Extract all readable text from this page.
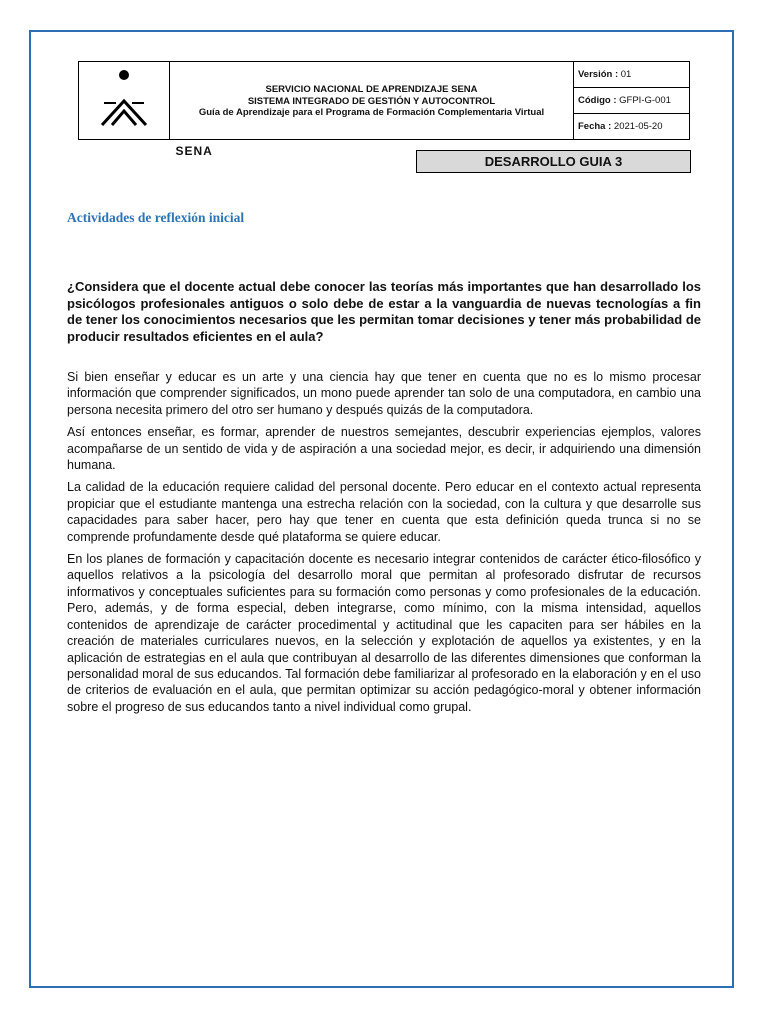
SENA

SERVICIO NACIONAL DE APRENDIZAJE SENA
SISTEMA INTEGRADO DE GESTIÓN Y AUTOCONTROL
Guía de Aprendizaje para el Programa de Formación Complementaria Virtual
	Versión : 01
Código : GFPI-G-001
Fecha : 2021-05-20
DESARROLLO GUIA 3
Actividades de reflexión inicial
¿Considera que el docente actual debe conocer las teorías más importantes que han desarrollado los psicólogos profesionales antiguos o solo debe de estar a la vanguardia de nuevas tecnologías a fin de tener los conocimientos necesarios que les permitan tomar decisiones y tener más probabilidad de producir resultados eficientes en el aula?

Si bien enseñar y educar es un arte y una ciencia hay que tener en cuenta que no es lo mismo procesar información que comprender significados, un mono puede aprender tan solo de una computadora, en cambio una persona necesita primero del otro ser humano y después quizás de la computadora.

Así entonces enseñar, es formar, aprender de nuestros semejantes, descubrir experiencias ejemplos, valores acompañarse de un sentido de vida y de aspiración a una sociedad mejor, es decir, ir adquiriendo una dimensión humana.

La calidad de la educación requiere calidad del personal docente. Pero educar en el contexto actual representa propiciar que el estudiante mantenga una estrecha relación con la sociedad, con la cultura y que desarrolle sus capacidades para saber hacer, pero hay que tener en cuenta que esta definición queda trunca si no se comprende profundamente desde qué plataforma se quiere educar.

En los planes de formación y capacitación docente es necesario integrar contenidos de carácter ético-filosófico y aquellos relativos a la psicología del desarrollo moral que permitan al profesorado disfrutar de recursos informativos y conceptuales suficientes para su formación como personas y como profesionales de la educación. Pero, además, y de forma especial, deben integrarse, como mínimo, con la misma intensidad, aquellos contenidos de aprendizaje de carácter procedimental y actitudinal que les capaciten para ser hábiles en la creación de materiales curriculares nuevos, en la selección y explotación de aquellos ya existentes, y en la aplicación de estrategias en el aula que contribuyan al desarrollo de las diferentes dimensiones que conforman la personalidad moral de sus educandos. Tal formación debe familiarizar al profesorado en la elaboración y en el uso de criterios de evaluación en el aula, que permitan optimizar su acción pedagógico-moral y obtener información sobre el progreso de sus educandos tanto a nivel individual como grupal.
